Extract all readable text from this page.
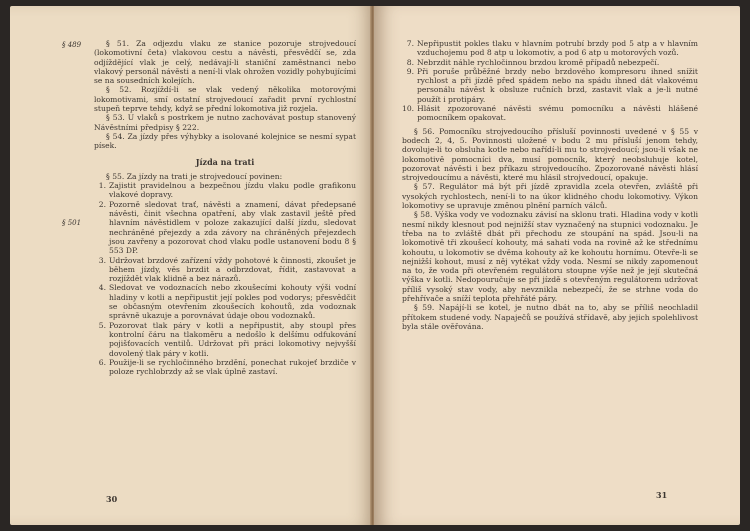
§ 489
§ 501

§ 51. Za odjezdu vlaku ze stanice pozoruje strojvedoucí (lokomotivní četa) vlakovou cestu a návěsti, přesvědčí se, zda odjíždějící vlak je celý, nedávají-li staniční zaměstnanci nebo vlakový personál návěsti a není-li vlak ohrožen vozidly pohybujícími se na sousedních kolejích.

§ 52. Rozjíždí-li se vlak vedený několika motorovými lokomotivami, smí ostatní strojvedoucí zařadit první rychlostní stupeň teprve tehdy, když se přední lokomotiva již rozjela.

§ 53. U vlaků s postrkem je nutno zachovávat postup stanovený Návěstními předpisy § 222.

§ 54. Za jízdy přes výhybky a isolované kolejnice se nesmí sypat písek.

Jízda na trati

§ 55. Za jízdy na trati je strojvedoucí povinen:

1. Zajistit pravidelnou a bezpečnou jízdu vlaku podle grafikonu vlakové dopravy.
2. Pozorně sledovat trať, návěsti a znamení, dávat předepsané návěsti, činit všechna opatření, aby vlak zastavil ještě před hlavním návěstidlem v poloze zakazující další jízdu, sledovat nechráněné přejezdy a zda závory na chráněných přejezdech jsou zavřeny a pozorovat chod vlaku podle ustanovení bodu 8 § 553 DP.
3. Udržovat brzdové zařízení vždy pohotové k činnosti, zkoušet je během jízdy, věs brzdit a odbrzdovat, řídit, zastavovat a rozjíždět vlak klidně a bez nárazů.
4. Sledovat ve vodoznacích nebo zkoušecími kohouty výši vodní hladiny v kotli a nepřipustit její pokles pod vodorys; přesvědčit se občasným otevřením zkoušecích kohoutů, zda vodoznak správně ukazuje a porovnávat údaje obou vodoznaků.
5. Pozorovat tlak páry v kotli a nepřipustit, aby stoupl přes kontrolní čáru na tlakoměru a nedošlo k delšímu odfukování pojišťovacích ventilů. Udržovat při práci lokomotivy nejvyšší dovolený tlak páry v kotli.
6. Použije-li se rychločinného brzdění, ponechat rukojeť brzdiče v poloze rychlobrzdy až se vlak úplně zastaví.
30
7. Nepřipustit pokles tlaku v hlavním potrubí brzdy pod 5 atp a v hlavním vzduchojemu pod 8 atp u lokomotiv, a pod 6 atp u motorových vozů.
8. Nebrzdit náhle rychločinnou brzdou kromě případů nebezpečí.
9. Při poruše průběžné brzdy nebo brzdového kompresoru ihned snížit rychlost a při jízdě před spádem nebo na spádu ihned dát vlakovému personálu návěst k obsluze ručních brzd, zastavit vlak a je-li nutné použít i protipáry.
10. Hlásit zpozorované návěsti svému pomocníku a návěsti hlášené pomocníkem opakovat.

§ 56. Pomocníku strojvedoucího přísluší povinnosti uvedené v § 55 v bodech 2, 4, 5. Povinnosti uložené v bodu 2 mu přísluší jenom tehdy, dovoluje-li to obsluha kotle nebo nařídí-li mu to strojvedoucí; jsou-li však ne lokomotivě pomocníci dva, musí pomocník, který neobsluhuje kotel, pozorovat návěsti i bez příkazu strojvedoucího. Zpozorované návěsti hlásí strojvedoucímu a návěsti, které mu hlásil strojvedoucí, opakuje.

§ 57. Regulátor má být při jízdě zpravidla zcela otevřen, zvláště při vysokých rychlostech, není-li to na úkor klidného chodu lokomotivy. Výkon lokomotivy se upravuje změnou plnění parních válců.

§ 58. Výška vody ve vodoznaku závisí na sklonu trati. Hladina vody v kotli nesmí nikdy klesnout pod nejnižší stav vyznačený na stupnici vodoznaku. Je třeba na to zvláště dbát při přechodu ze stoupání na spád. Jsou-li na lokomotivě tři zkoušecí kohouty, má sahati voda na rovině až ke střednímu kohoutu, u lokomotiv se dvěma kohouty až ke kohoutu hornímu. Otevře-li se nejnižší kohout, musí z něj vytékat vždy voda. Nesmí se nikdy zapomenout na to, že voda při otevřeném regulátoru stoupne výše než je její skutečná výška v kotli. Nedopouručuje se při jízdě s otevřeným regulátorem udržovat příliš vysoký stav vody, aby nevznikla nebezpečí, že se strhne voda do přehřívače a sníží teplota přehřáté páry.

§ 59. Napájí-li se kotel, je nutno dbát na to, aby se příliš neochladil přítokem studené vody. Napaječů se používá střídavě, aby jejich spolehlivost byla stále ověřována.

31
